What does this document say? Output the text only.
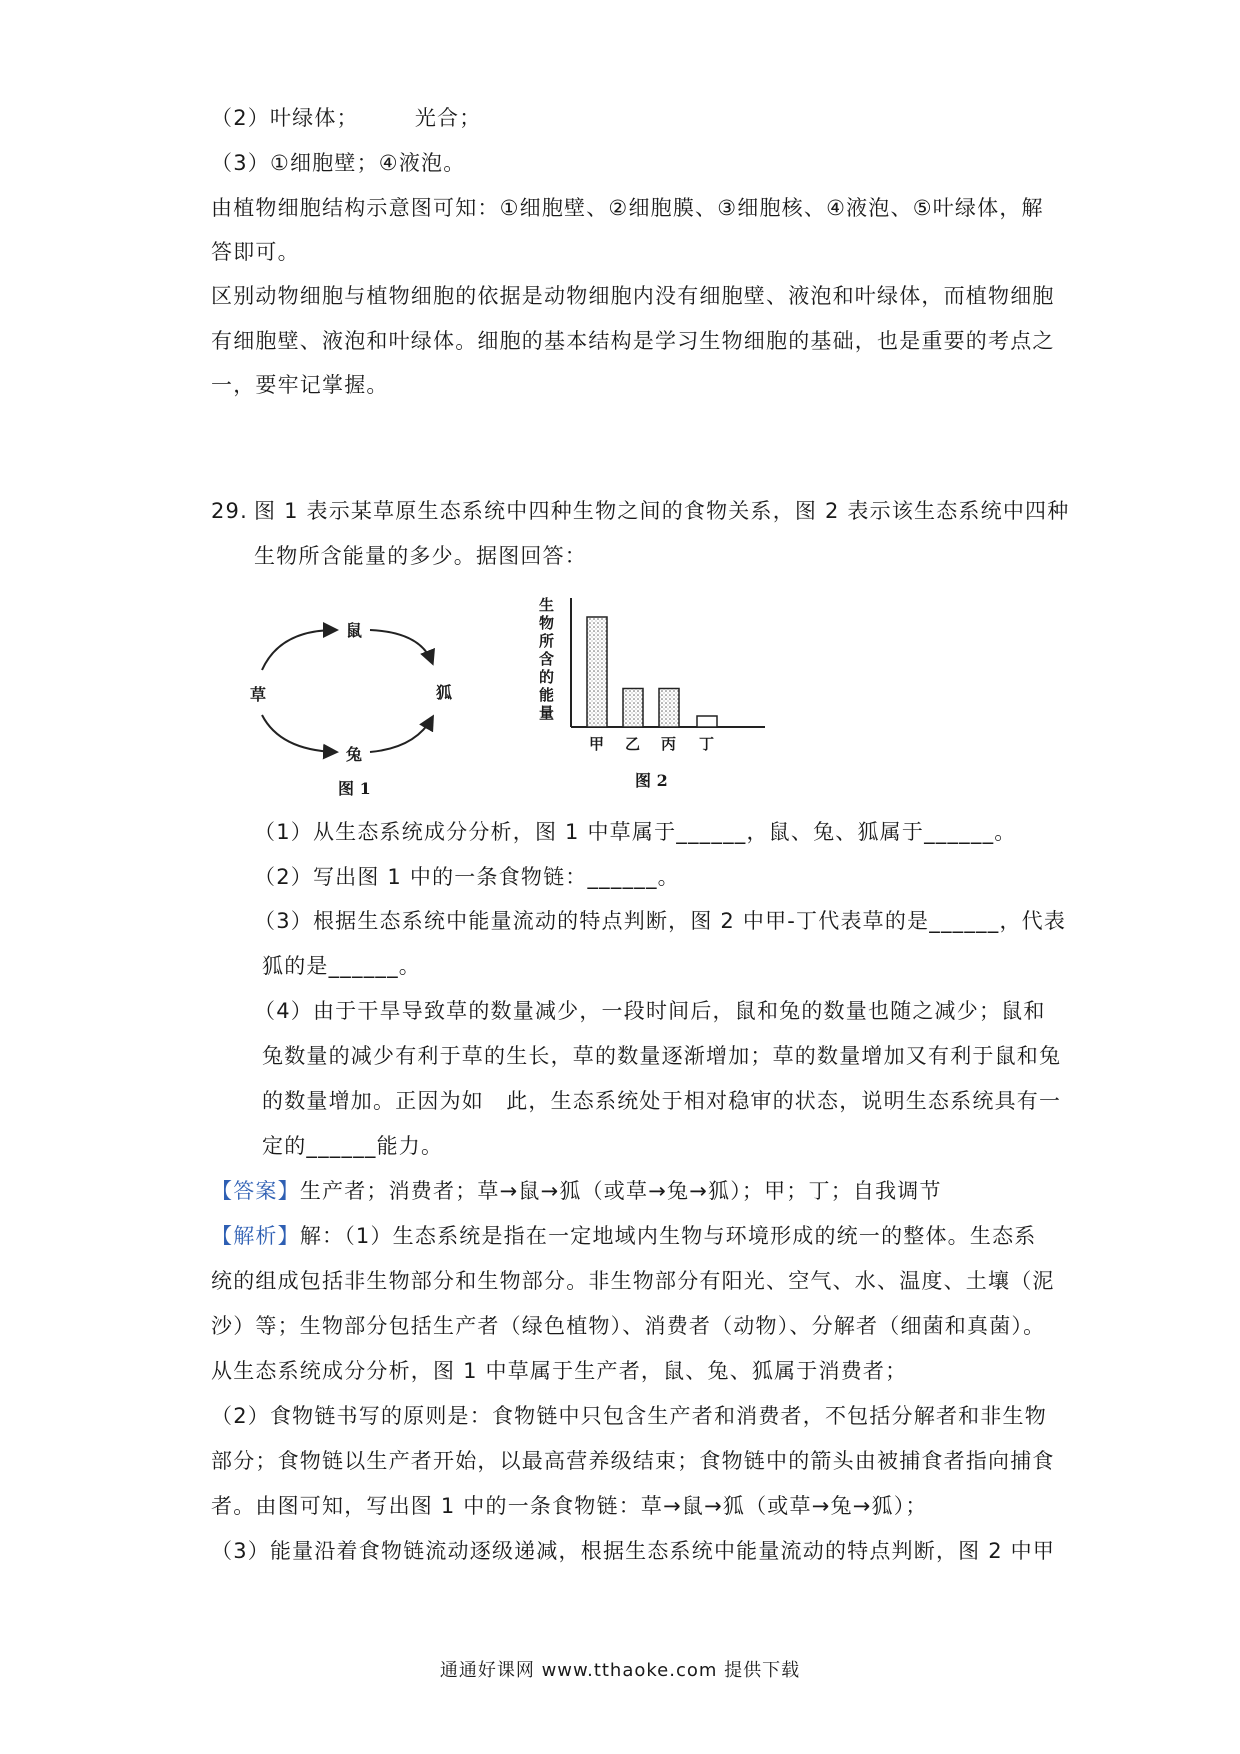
（2）叶绿体；　　　光合；
（3）①细胞壁；④液泡。
由植物细胞结构示意图可知：①细胞壁、②细胞膜、③细胞核、④液泡、⑤叶绿体，解
答即可。
区别动物细胞与植物细胞的依据是动物细胞内没有细胞壁、液泡和叶绿体，而植物细胞
有细胞壁、液泡和叶绿体。细胞的基本结构是学习生物细胞的基础，也是重要的考点之
一，要牢记掌握。
29. 图 1 表示某草原生态系统中四种生物之间的食物关系，图 2 表示该生态系统中四种
生物所含能量的多少。据图回答：
草
鼠
狐
兔
图 1
生物所含的能量
甲 乙 丙 丁
图 2
（1）从生态系统成分分析，图 1 中草属于______，鼠、兔、狐属于______。
（2）写出图 1 中的一条食物链：______。
（3）根据生态系统中能量流动的特点判断，图 2 中甲-丁代表草的是______，代表
狐的是______。
（4）由于干旱导致草的数量减少，一段时间后，鼠和兔的数量也随之减少；鼠和
兔数量的减少有利于草的生长，草的数量逐渐增加；草的数量增加又有利于鼠和兔
的数量增加。正因为如　此，生态系统处于相对稳审的状态，说明生态系统具有一
定的______能力。
【答案】生产者；消费者；草→鼠→狐（或草→兔→狐）；甲；丁；自我调节
【解析】解：（1）生态系统是指在一定地域内生物与环境形成的统一的整体。生态系
统的组成包括非生物部分和生物部分。非生物部分有阳光、空气、水、温度、土壤（泥
沙）等；生物部分包括生产者（绿色植物）、消费者（动物）、分解者（细菌和真菌）。
从生态系统成分分析，图 1 中草属于生产者，鼠、兔、狐属于消费者；
（2）食物链书写的原则是：食物链中只包含生产者和消费者，不包括分解者和非生物
部分；食物链以生产者开始，以最高营养级结束；食物链中的箭头由被捕食者指向捕食
者。由图可知，写出图 1 中的一条食物链：草→鼠→狐（或草→兔→狐）；
（3）能量沿着食物链流动逐级递减，根据生态系统中能量流动的特点判断，图 2 中甲
通通好课网 www.tthaoke.com 提供下载
